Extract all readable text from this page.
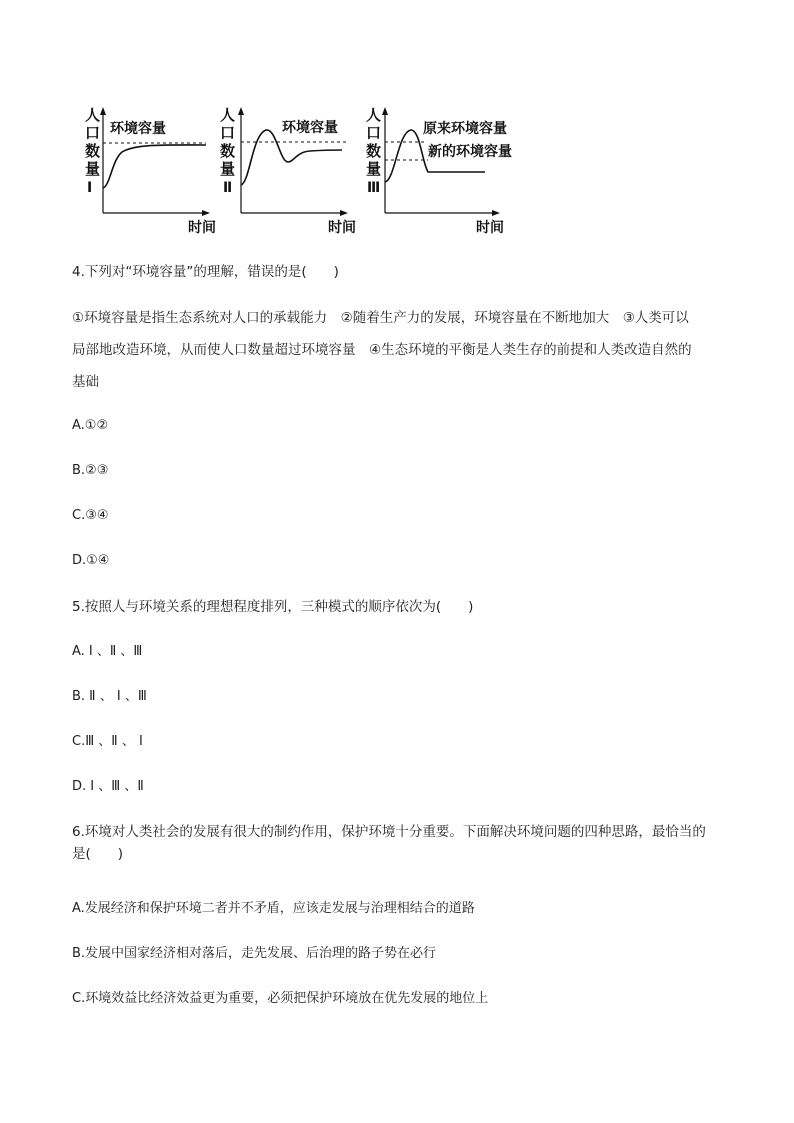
人
口
数
量
Ⅰ
环境容量
时间
人
口
数
量
Ⅱ
环境容量
时间
人
口
数
量
Ⅲ
原来环境容量
新的环境容量
时间
4.下列对“环境容量”的理解，错误的是(　　)
①环境容量是指生态系统对人口的承载能力　②随着生产力的发展，环境容量在不断地加大　③人类可以
局部地改造环境，从而使人口数量超过环境容量　④生态环境的平衡是人类生存的前提和人类改造自然的
基础
A.①②
B.②③
C.③④
D.①④
5.按照人与环境关系的理想程度排列，三种模式的顺序依次为(　　)
A. Ⅰ 、Ⅱ 、Ⅲ
B. Ⅱ 、 Ⅰ 、Ⅲ
C.Ⅲ 、Ⅱ 、 Ⅰ
D. Ⅰ 、Ⅲ 、Ⅱ
6.环境对人类社会的发展有很大的制约作用，保护环境十分重要。下面解决环境问题的四种思路，最恰当的
是(　　)
A.发展经济和保护环境二者并不矛盾，应该走发展与治理相结合的道路
B.发展中国家经济相对落后，走先发展、后治理的路子势在必行
C.环境效益比经济效益更为重要，必须把保护环境放在优先发展的地位上
